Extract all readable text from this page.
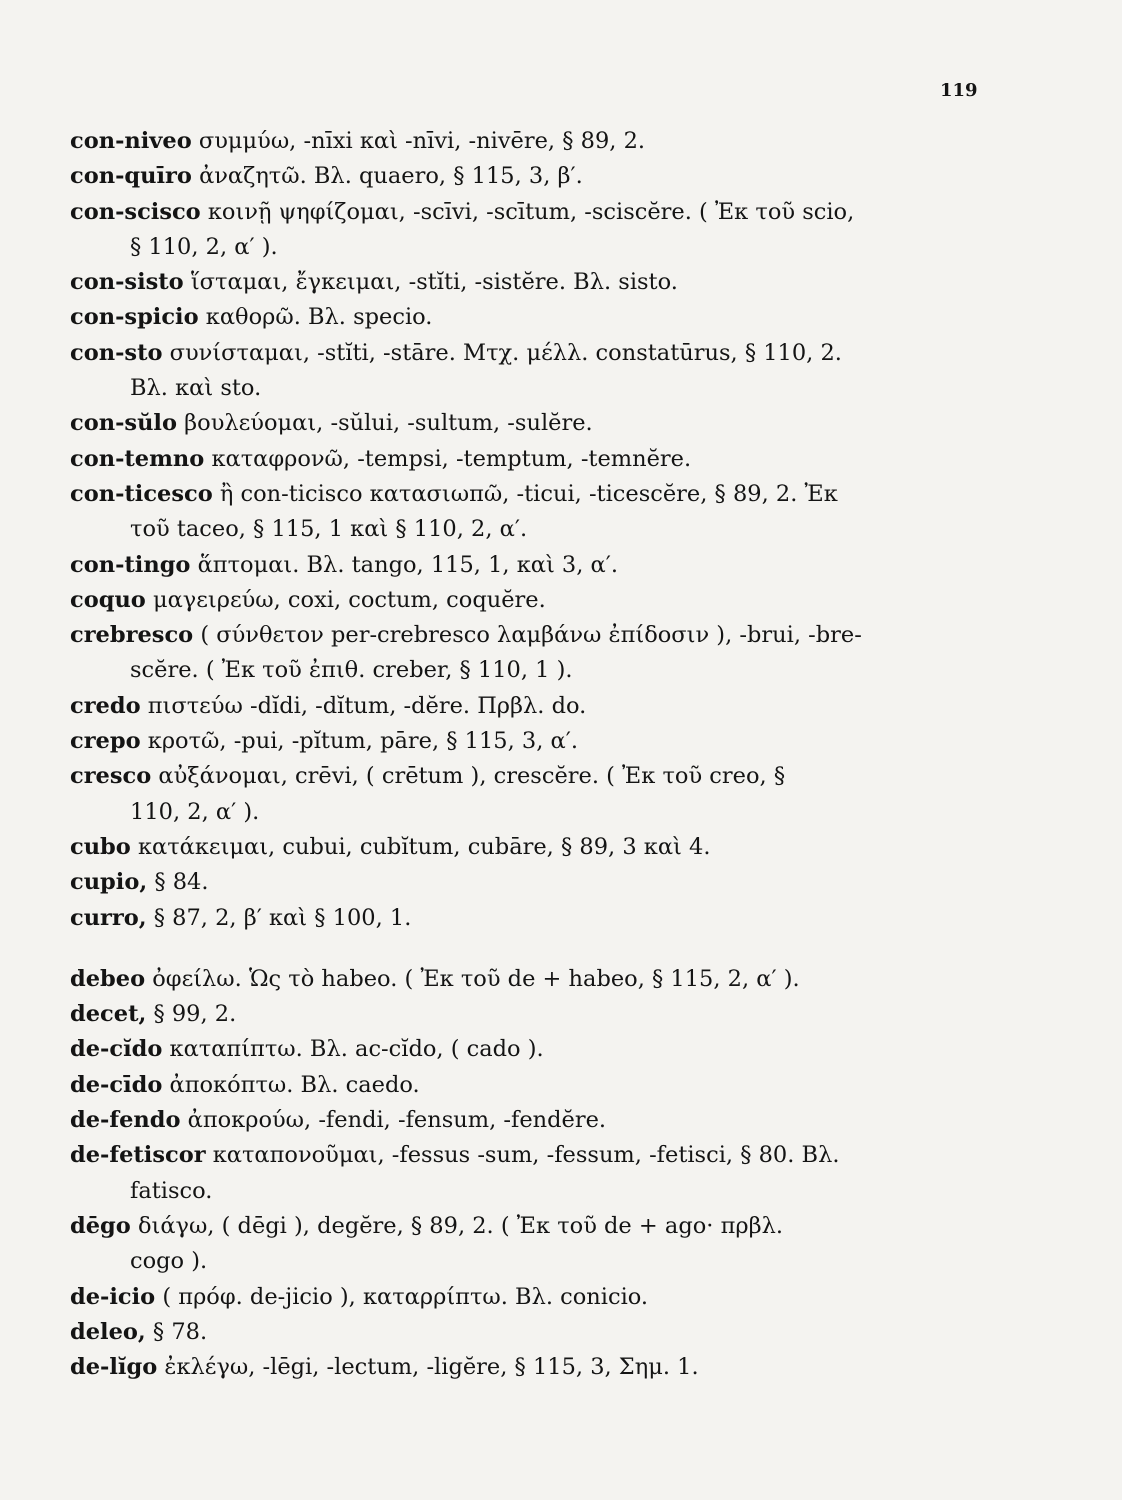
119
con-niveo συμμύω, -nīxi καὶ -nīvi, -nivēre, § 89, 2.
con-quīro ἀναζητῶ. Βλ. quaero, § 115, 3, β′.
con-scisco κοινῇ ψηφίζομαι, -scīvi, -scītum, -sciscĕre. ( Ἐκ τοῦ scio,
§ 110, 2, α′ ).
con-sisto ἵσταμαι, ἔγκειμαι, -stĭti, -sistĕre. Βλ. sisto.
con-spicio καθορῶ. Βλ. specio.
con-sto συνίσταμαι, -stĭti, -stāre. Μτχ. μέλλ. constatūrus, § 110, 2.
Βλ. καὶ sto.
con-sŭlo βουλεύομαι, -sŭlui, -sultum, -sulĕre.
con-temno καταφρονῶ, -tempsi, -temptum, -temnĕre.
con-ticesco ἢ con-ticisco κατασιωπῶ, -ticui, -ticescĕre, § 89, 2. Ἐκ
τοῦ taceo, § 115, 1 καὶ § 110, 2, α′.
con-tingo ἅπτομαι. Βλ. tango, 115, 1, καὶ 3, α′.
coquo μαγειρεύω, coxi, coctum, coquĕre.
crebresco ( σύνθετον per-crebresco λαμβάνω ἐπίδοσιν ), -brui, -bre-
scĕre. ( Ἐκ τοῦ ἐπιθ. creber, § 110, 1 ).
credo πιστεύω -dĭdi, -dĭtum, -dĕre. Πρβλ. do.
crepo κροτῶ, -pui, -pĭtum, pāre, § 115, 3, α′.
cresco αὐξάνομαι, crēvi, ( crētum ), crescĕre. ( Ἐκ τοῦ creo, §
110, 2, α′ ).
cubo κατάκειμαι, cubui, cubĭtum, cubāre, § 89, 3 καὶ 4.
cupio, § 84.
curro, § 87, 2, β′ καὶ § 100, 1.
debeo ὀφείλω. Ὡς τὸ habeo. ( Ἐκ τοῦ de + habeo, § 115, 2, α′ ).
decet, § 99, 2.
de-cĭdo καταπίπτω. Βλ. ac-cĭdo, ( cado ).
de-cīdo ἀποκόπτω. Βλ. caedo.
de-fendo ἀποκρούω, -fendi, -fensum, -fendĕre.
de-fetiscor καταπονοῦμαι, -fessus -sum, -fessum, -fetisci, § 80. Βλ.
fatisco.
dēgo διάγω, ( dēgi ), degĕre, § 89, 2. ( Ἐκ τοῦ de + ago· πρβλ.
cogo ).
de-icio ( πρόφ. de-jicio ), καταρρίπτω. Βλ. conicio.
deleo, § 78.
de-lĭgo ἐκλέγω, -lēgi, -lectum, -ligĕre, § 115, 3, Σημ. 1.
